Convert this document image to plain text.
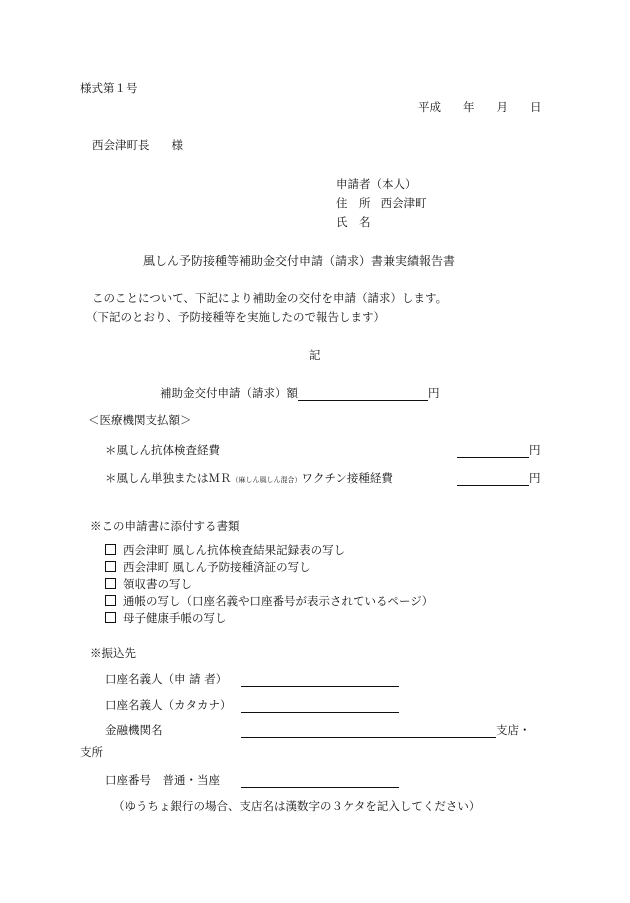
様式第１号
平成 年 月 日
西会津町長 様
申請者（本人）
住　所 西会津町
氏　名
風しん予防接種等補助金交付申請（請求）書兼実績報告書
このことについて、下記により補助金の交付を申請（請求）します。
（下記のとおり、予防接種等を実施したので報告します）
記
補助金交付申請（請求）額	円
＜医療機関支払額＞
＊風しん抗体検査経費	円
＊風しん単独またはＭＲ（麻しん風しん混合）ワクチン接種経費	円
※この申請書に添付する書類
西会津町 風しん抗体検査結果記録表の写し
西会津町 風しん予防接種済証の写し
領収書の写し
通帳の写し（口座名義や口座番号が表示されているページ）
母子健康手帳の写し
※振込先
口座名義人（申 請 者）
口座名義人（カタカナ）
金融機関名	支店・
支所
口座番号　普通・当座
（ゆうちょ銀行の場合、支店名は漢数字の３ケタを記入してください）
